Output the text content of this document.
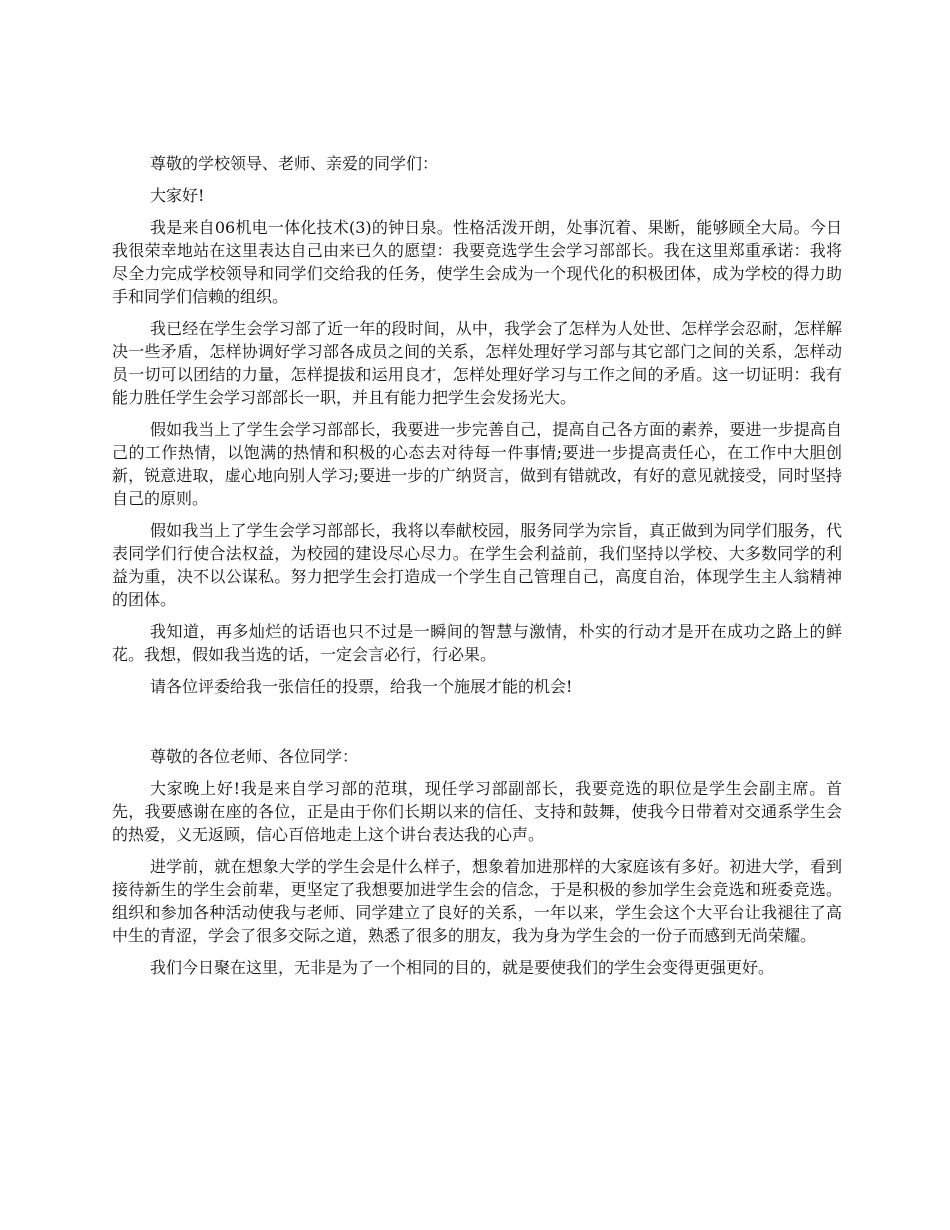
尊敬的学校领导、老师、亲爱的同学们：

大家好!

我是来自06机电一体化技术(3)的钟日泉。性格活泼开朗，处事沉着、果断，能够顾全大局。今日我很荣幸地站在这里表达自己由来已久的愿望：我要竞选学生会学习部部长。我在这里郑重承诺：我将尽全力完成学校领导和同学们交给我的任务，使学生会成为一个现代化的积极团体，成为学校的得力助手和同学们信赖的组织。

我已经在学生会学习部了近一年的段时间，从中，我学会了怎样为人处世、怎样学会忍耐，怎样解决一些矛盾，怎样协调好学习部各成员之间的关系，怎样处理好学习部与其它部门之间的关系，怎样动员一切可以团结的力量，怎样提拔和运用良才，怎样处理好学习与工作之间的矛盾。这一切证明：我有能力胜任学生会学习部部长一职，并且有能力把学生会发扬光大。

假如我当上了学生会学习部部长，我要进一步完善自己，提高自己各方面的素养，要进一步提高自己的工作热情，以饱满的热情和积极的心态去对待每一件事情;要进一步提高责任心，在工作中大胆创新，锐意进取，虚心地向别人学习;要进一步的广纳贤言，做到有错就改，有好的意见就接受，同时坚持自己的原则。

假如我当上了学生会学习部部长，我将以奉献校园，服务同学为宗旨，真正做到为同学们服务，代表同学们行使合法权益，为校园的建设尽心尽力。在学生会利益前，我们坚持以学校、大多数同学的利益为重，决不以公谋私。努力把学生会打造成一个学生自己管理自己，高度自治，体现学生主人翁精神的团体。

我知道，再多灿烂的话语也只不过是一瞬间的智慧与激情，朴实的行动才是开在成功之路上的鲜花。我想，假如我当选的话，一定会言必行，行必果。

请各位评委给我一张信任的投票，给我一个施展才能的机会!

尊敬的各位老师、各位同学：

大家晚上好!我是来自学习部的范琪，现任学习部副部长，我要竞选的职位是学生会副主席。首先，我要感谢在座的各位，正是由于你们长期以来的信任、支持和鼓舞，使我今日带着对交通系学生会的热爱，义无返顾，信心百倍地走上这个讲台表达我的心声。

进学前，就在想象大学的学生会是什么样子，想象着加进那样的大家庭该有多好。初进大学，看到接待新生的学生会前辈，更坚定了我想要加进学生会的信念，于是积极的参加学生会竞选和班委竞选。组织和参加各种活动使我与老师、同学建立了良好的关系，一年以来，学生会这个大平台让我褪往了高中生的青涩，学会了很多交际之道，熟悉了很多的朋友，我为身为学生会的一份子而感到无尚荣耀。

我们今日聚在这里，无非是为了一个相同的目的，就是要使我们的学生会变得更强更好。
